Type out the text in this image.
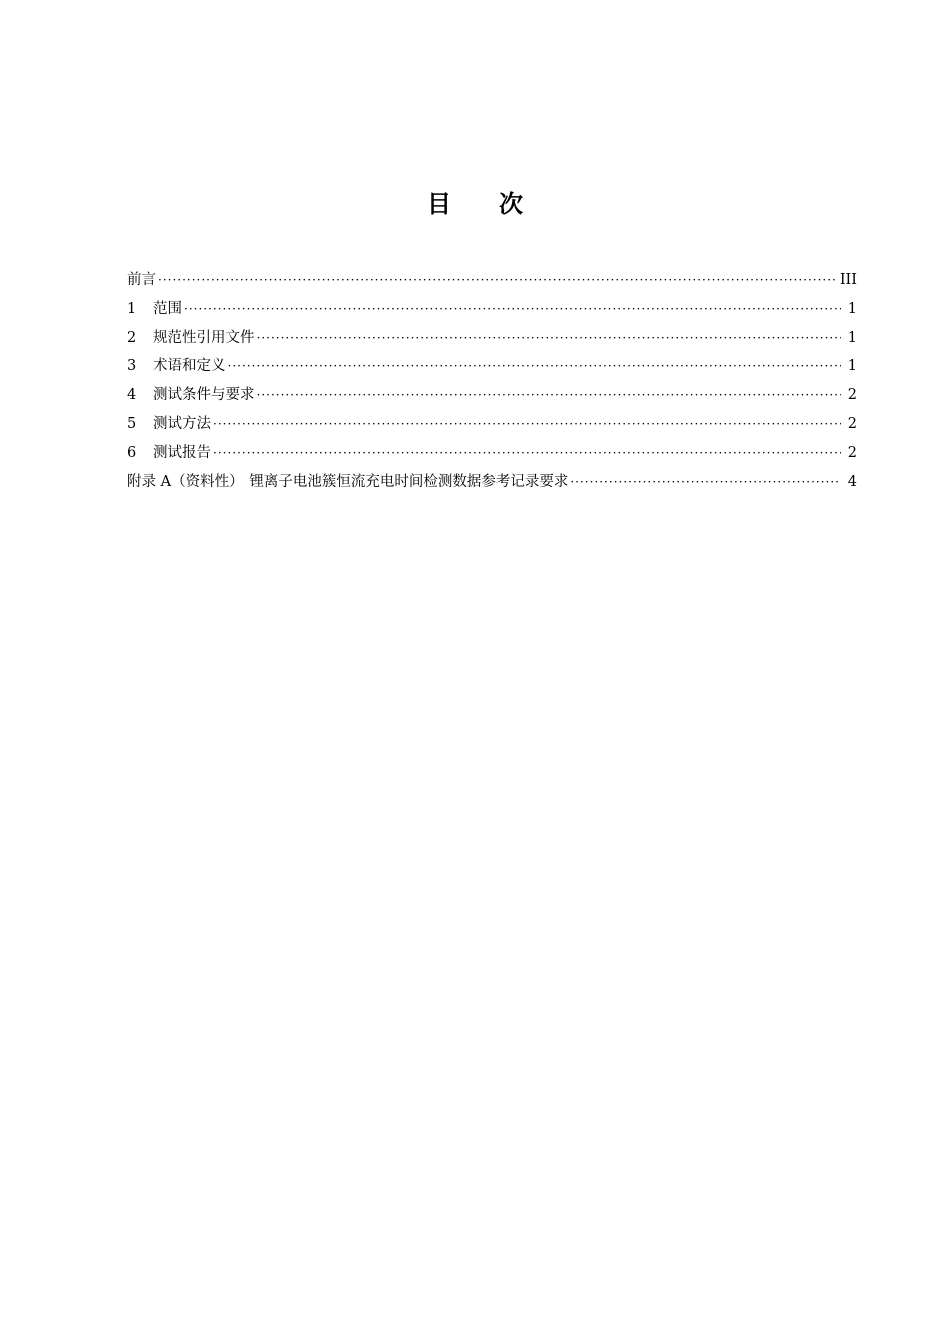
目 次
前言 ·····	III
1	范围 ·····	1
2	规范性引用文件 ·····	1
3	术语和定义 ·····	1
4	测试条件与要求 ·····	2
5	测试方法 ·····	2
6	测试报告 ·····	2
附录 A（资料性） 锂离子电池簇恒流充电时间检测数据参考记录要求 ·····	4
